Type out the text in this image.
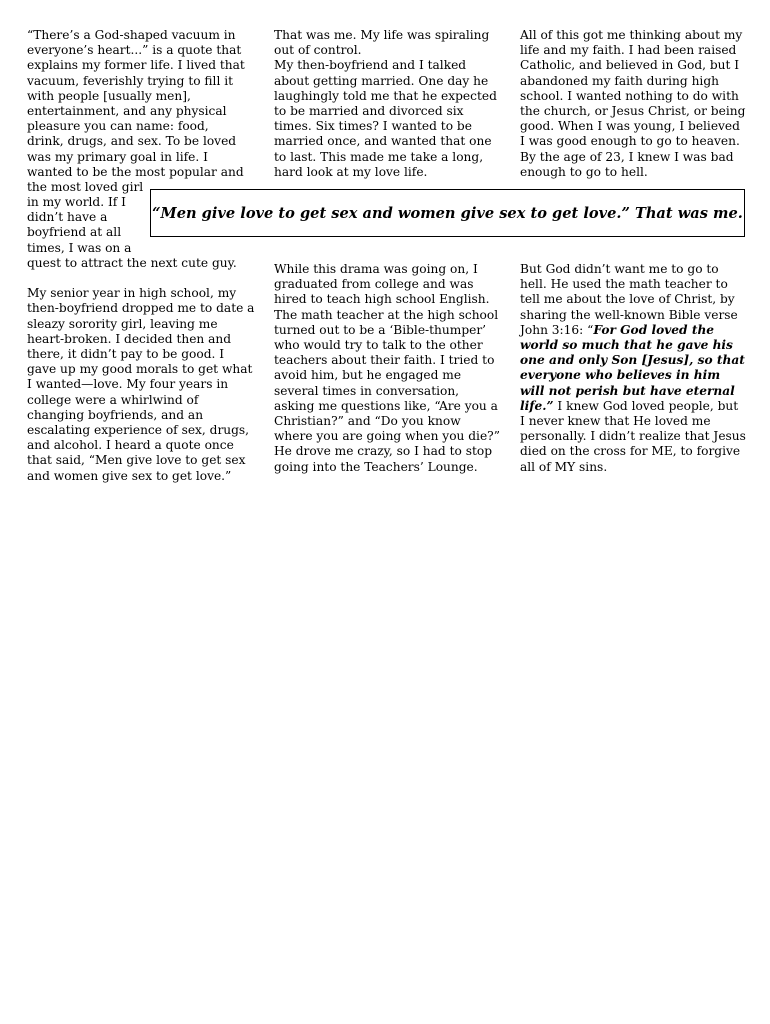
“There’s a God-shaped vacuum in everyone’s heart...” is a quote that explains my former life. I lived that vacuum, feverishly trying to fill it with people [usually men], entertainment, and any physical pleasure you can name: food, drink, drugs, and sex. To be loved was my primary goal in life. I wanted to be the most popular and the most loved girl

in my world. If I didn’t have a boyfriend at all times, I was on a

quest to attract the next cute guy.

My senior year in high school, my then-boyfriend dropped me to date a sleazy sorority girl, leaving me heart-broken. I decided then and there, it didn’t pay to be good. I gave up my good morals to get what I wanted—love. My four years in college were a whirlwind of changing boyfriends, and an escalating experience of sex, drugs, and alcohol. I heard a quote once that said, “Men give love to get sex and women give sex to get love.”

That was me. My life was spiraling out of control.

My then-boyfriend and I talked about getting married. One day he laughingly told me that he expected to be married and divorced six times. Six times? I wanted to be married once, and wanted that one to last. This made me take a long, hard look at my love life.

All of this got me thinking about my life and my faith. I had been raised Catholic, and believed in God, but I abandoned my faith during high school. I wanted nothing to do with the church, or Jesus Christ, or being good. When I was young, I believed I was good enough to go to heaven. By the age of 23, I knew I was bad enough to go to hell.

“Men give love to get sex and women give sex to get love.” That was me.

While this drama was going on, I graduated from college and was hired to teach high school English. The math teacher at the high school turned out to be a ‘Bible-thumper’ who would try to talk to the other teachers about their faith. I tried to avoid him, but he engaged me several times in conversation, asking me questions like, “Are you a Christian?” and “Do you know where you are going when you die?” He drove me crazy, so I had to stop going into the Teachers’ Lounge.

But God didn’t want me to go to hell. He used the math teacher to tell me about the love of Christ, by sharing the well-known Bible verse John 3:16: “For God loved the world so much that he gave his one and only Son [Jesus], so that everyone who believes in him will not perish but have eternal life.” I knew God loved people, but I never knew that He loved me personally. I didn’t realize that Jesus died on the cross for ME, to forgive all of MY sins.
